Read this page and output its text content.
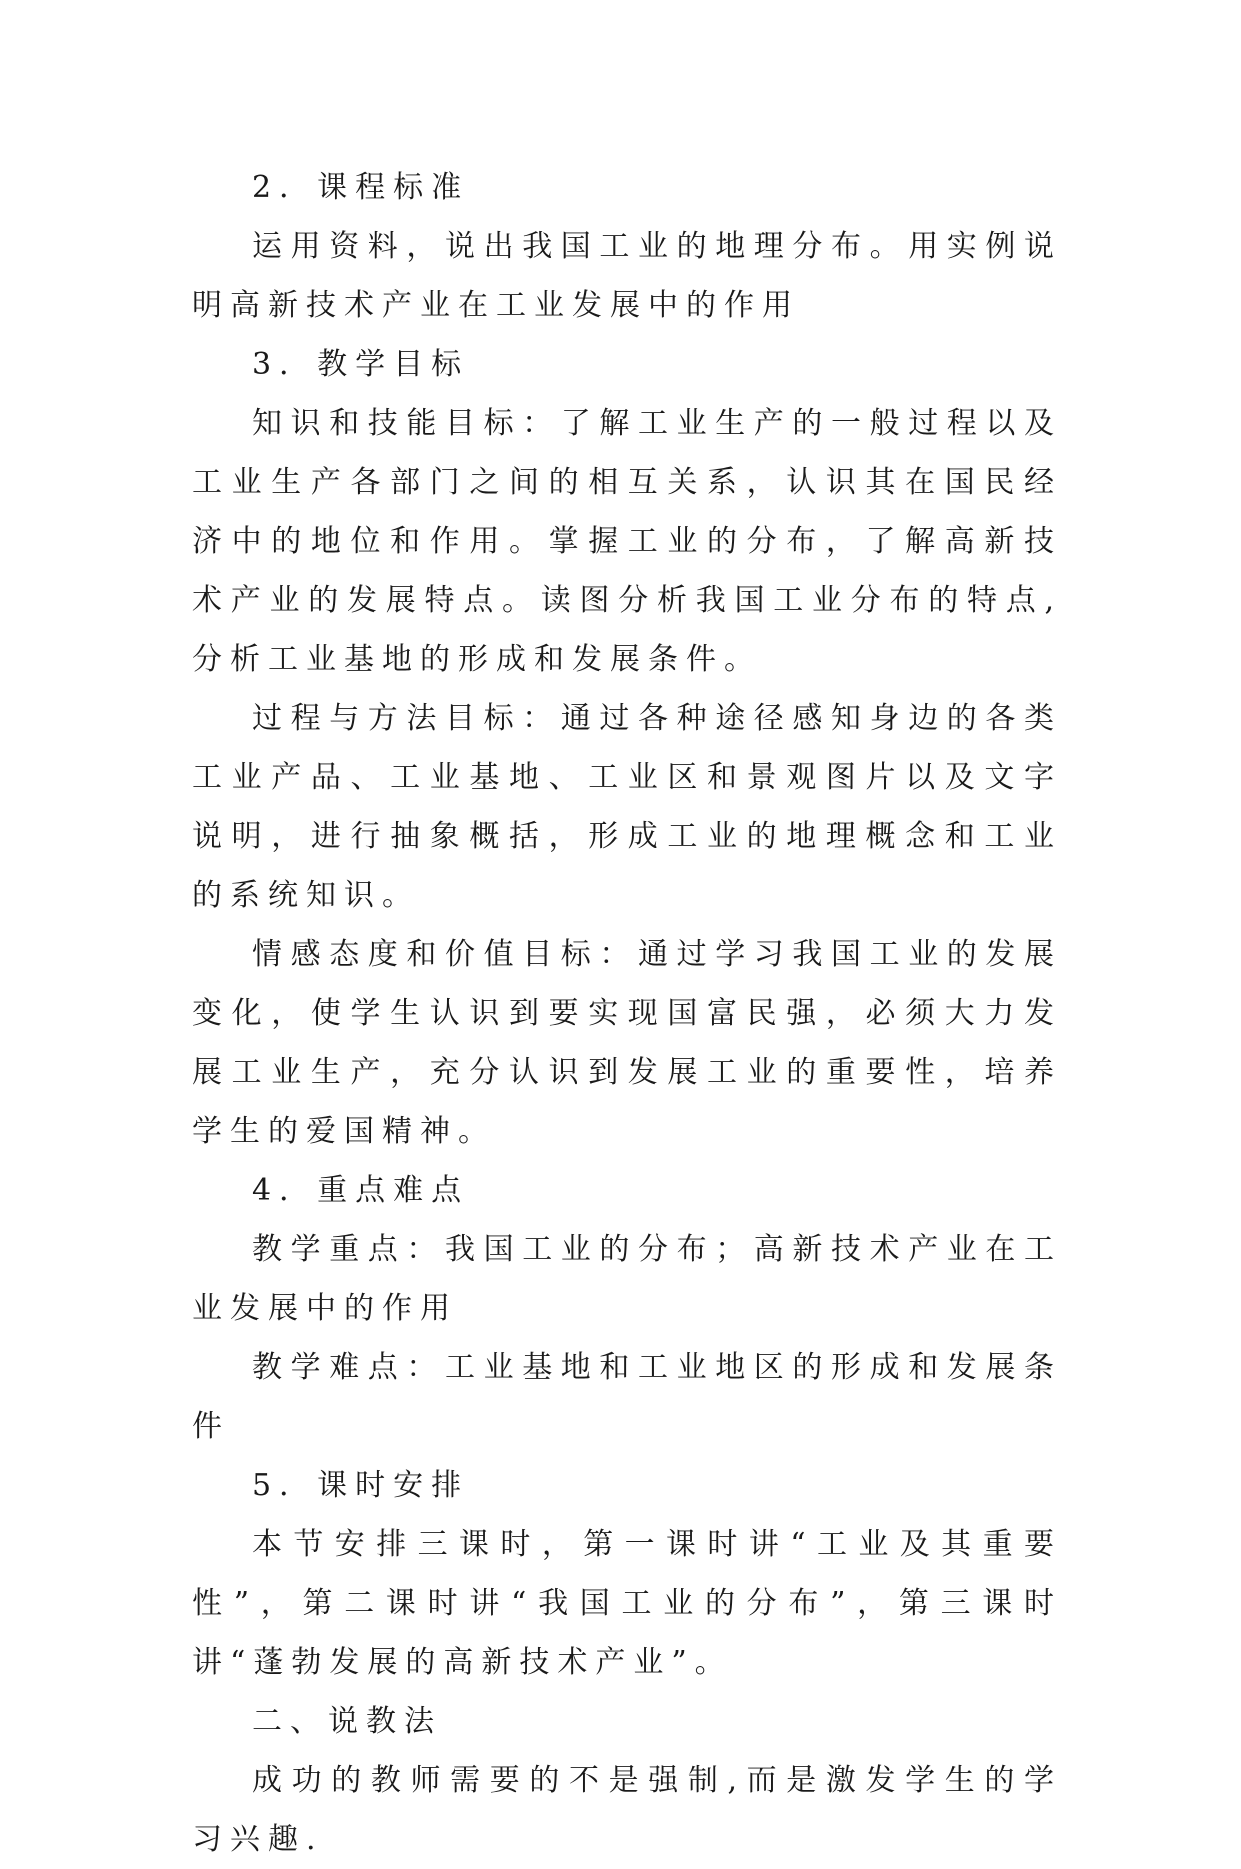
2．课程标准

运用资料，说出我国工业的地理分布。用实例说明高新技术产业在工业发展中的作用

3．教学目标

知识和技能目标：了解工业生产的一般过程以及工业生产各部门之间的相互关系，认识其在国民经济中的地位和作用。掌握工业的分布，了解高新技术产业的发展特点。读图分析我国工业分布的特点,分析工业基地的形成和发展条件。

过程与方法目标：通过各种途径感知身边的各类工业产品、工业基地、工业区和景观图片以及文字说明，进行抽象概括，形成工业的地理概念和工业的系统知识。

情感态度和价值目标：通过学习我国工业的发展变化，使学生认识到要实现国富民强，必须大力发展工业生产，充分认识到发展工业的重要性，培养学生的爱国精神。

4．重点难点

教学重点：我国工业的分布；高新技术产业在工业发展中的作用

教学难点：工业基地和工业地区的形成和发展条件

5．课时安排

本节安排三课时，第一课时讲“工业及其重要性”，第二课时讲“我国工业的分布”，第三课时讲“蓬勃发展的高新技术产业”。

二、说教法

成功的教师需要的不是强制,而是激发学生的学习兴趣.
